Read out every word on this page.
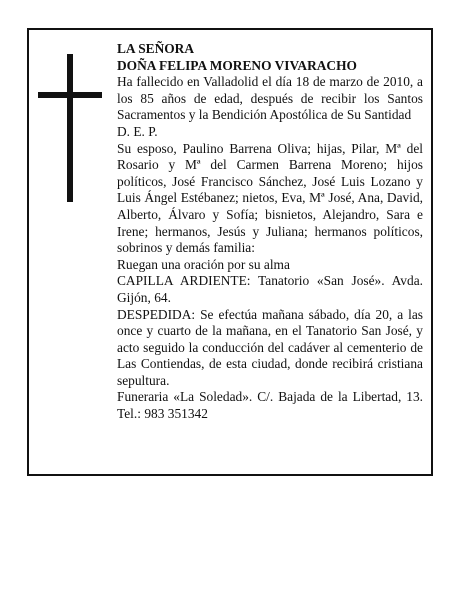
LA SEÑORA

DOÑA FELIPA MORENO VIVARACHO

Ha fallecido en Valladolid el día 18 de marzo de 2010, a los 85 años de edad, después de recibir los Santos Sacramentos y la Bendición Apostólica de Su Santidad

D. E. P.

Su esposo, Paulino Barrena Oliva; hijas, Pilar, Mª del Rosario y Mª del Carmen Barrena Moreno; hijos políticos, José Francisco Sánchez, José Luis Lozano y Luis Ángel Estébanez; nietos, Eva, Mª José, Ana, David, Alberto, Álvaro y Sofía; bisnietos, Alejandro, Sara e Irene; hermanos, Jesús y Juliana; hermanos políticos, sobrinos y demás familia:

Ruegan una oración por su alma

CAPILLA ARDIENTE: Tanatorio «San José». Avda. Gijón, 64.

DESPEDIDA: Se efectúa mañana sábado, día 20, a las once y cuarto de la mañana, en el Tanatorio San José, y acto seguido la conducción del cadáver al cementerio de Las Contiendas, de esta ciudad, donde recibirá cristiana sepultura.

Funeraria «La Soledad». C/. Bajada de la Libertad, 13. Tel.: 983 351342
